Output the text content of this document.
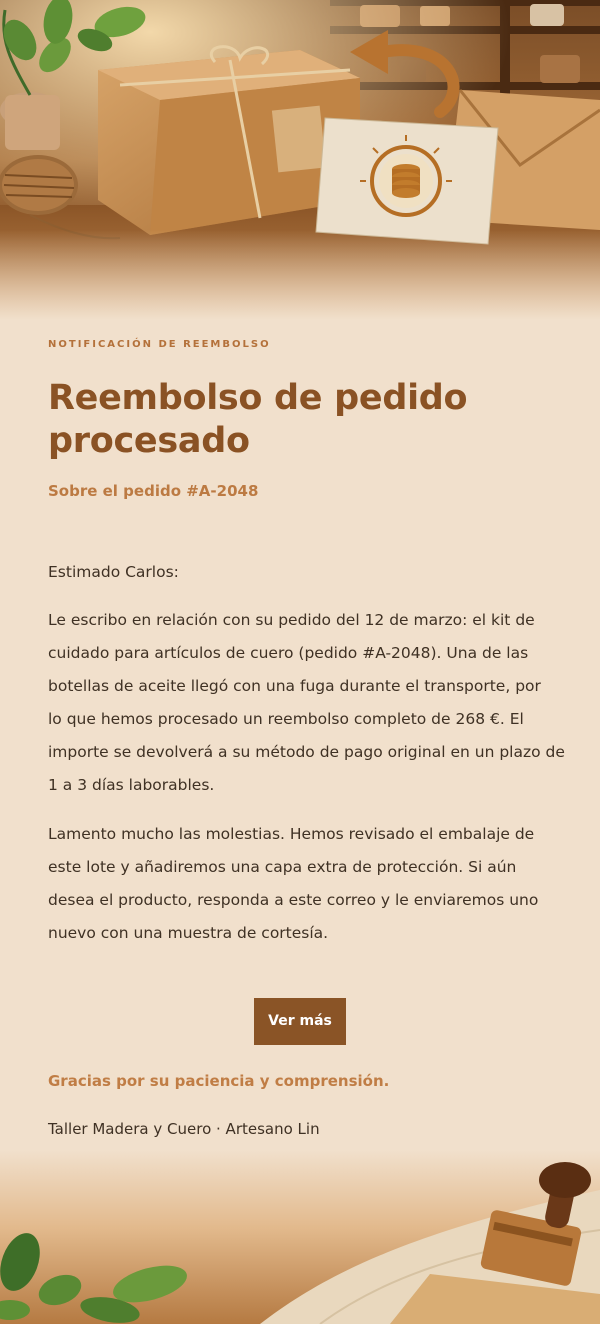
NOTIFICACIÓN DE REEMBOLSO

Reembolso de pedido
procesado

Sobre el pedido #A-2048

Estimado Carlos:

Le escribo en relación con su pedido del 12 de marzo: el kit de
cuidado para artículos de cuero (pedido #A-2048). Una de las
botellas de aceite llegó con una fuga durante el transporte, por
lo que hemos procesado un reembolso completo de 268 €. El
importe se devolverá a su método de pago original en un plazo de
1 a 3 días laborables.

Lamento mucho las molestias. Hemos revisado el embalaje de
este lote y añadiremos una capa extra de protección. Si aún
desea el producto, responda a este correo y le enviaremos uno
nuevo con una muestra de cortesía.

Ver más

Gracias por su paciencia y comprensión.

Taller Madera y Cuero · Artesano Lin
